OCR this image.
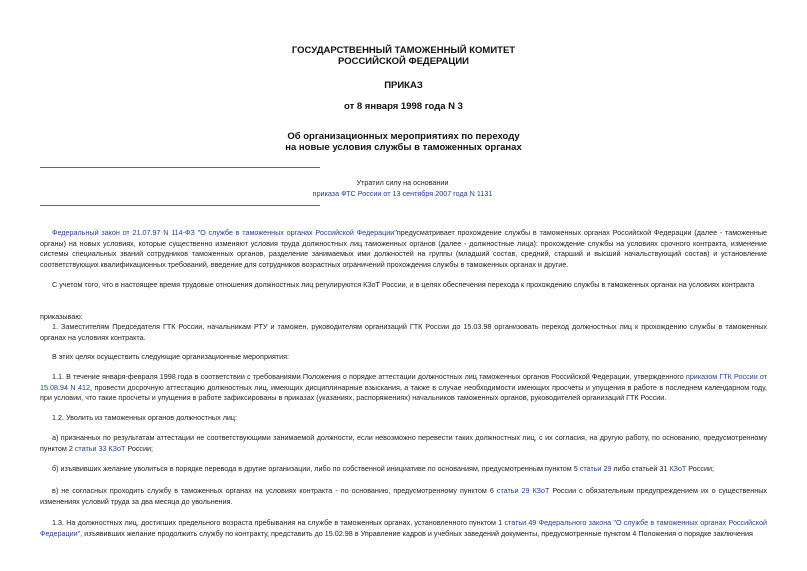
ГОСУДАРСТВЕННЫЙ ТАМОЖЕННЫЙ КОМИТЕТ
РОССИЙСКОЙ ФЕДЕРАЦИИ
ПРИКАЗ
от 8 января 1998 года N 3
Об организационных мероприятиях по переходу
на новые условия службы в таможенных органах
Утратил силу на основании
приказа ФТС России от 13 сентября 2007 года N 1131
Федеральный закон от 21.07.97 N 114-ФЗ "О службе в таможенных органах Российской Федерации"предусматривает прохождение службы в таможенных органах Российской Федерации (далее - таможенные органы) на новых условиях, которые существенно изменяют условия труда должностных лиц таможенных органов (далее - должностные лица): прохождение службы на условиях срочного контракта, изменение системы специальных званий сотрудников таможенных органов, разделение занимаемых ими должностей на группы (младший состав, средний, старший и высший начальствующий состав) и установление соответствующих квалификационных требований, введение для сотрудников возрастных ограничений прохождения службы в таможенных органах и другие.
С учетом того, что в настоящее время трудовые отношения должностных лиц регулируются КЗоТ России, и в целях обеспечения перехода к прохождению службы в таможенных органах на условиях контракта
приказываю:
1. Заместителям Председателя ГТК России, начальникам РТУ и таможен, руководителям организаций ГТК России до 15.03.98 организовать переход должностных лиц к прохождению службы в таможенных органах на условиях контракта.
В этих целях осуществить следующие организационные мероприятия:
1.1. В течение января-февраля 1998 года в соответствии с требованиями Положения о порядке аттестации должностных лиц таможенных органов Российской Федерации, утвержденного приказом ГТК России от 15.08.94 N 412, провести досрочную аттестацию должностных лиц, имеющих дисциплинарные взыскания, а также в случае необходимости имеющих просчеты и упущения в работе в последнем календарном году, при условии, что такие просчеты и упущения в работе зафиксированы в приказах (указаниях, распоряжениях) начальников таможенных органов, руководителей организаций ГТК России.
1.2. Уволить из таможенных органов должностных лиц:
а) признанных по результатам аттестации не соответствующими занимаемой должности, если невозможно перевести таких должностных лиц, с их согласия, на другую работу, по основанию, предусмотренному пунктом 2 статьи 33 КЗоТ России;
б) изъявивших желание уволиться в порядке перевода в другие организации, либо по собственной инициативе по основаниям, предусмотренным пунктом 5 статьи 29 либо статьей 31 КЗоТ России;
в) не согласных проходить службу в таможенных органах на условиях контракта - по основанию, предусмотренному пунктом 6 статьи 29 КЗоТ России с обязательным предупреждением их о существенных изменениях условий труда за два месяца до увольнения.
1.3. На должностных лиц, достигших предельного возраста пребывания на службе в таможенных органах, установленного пунктом 1 статьи 49 Федерального закона "О службе в таможенных органах Российской Федерации", изъявивших желание продолжить службу по контракту, представить до 15.02.98 в Управление кадров и учебных заведений документы, предусмотренные пунктом 4 Положения о порядке заключения
